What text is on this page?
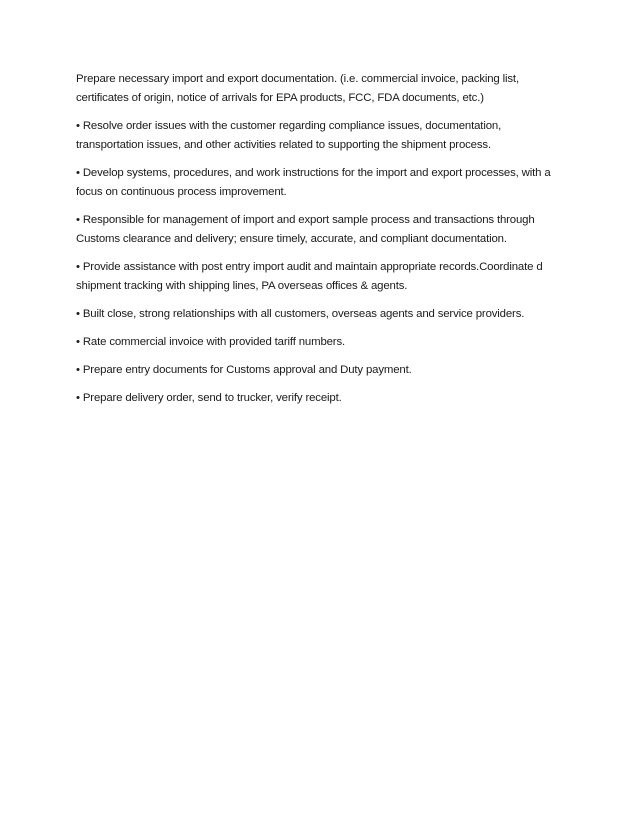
Prepare necessary import and export documentation. (i.e. commercial invoice, packing list, certificates of origin, notice of arrivals for EPA products, FCC, FDA documents, etc.)

• Resolve order issues with the customer regarding compliance issues, documentation, transportation issues, and other activities related to supporting the shipment process.

• Develop systems, procedures, and work instructions for the import and export processes, with a focus on continuous process improvement.

• Responsible for management of import and export sample process and transactions through Customs clearance and delivery; ensure timely, accurate, and compliant documentation.

• Provide assistance with post entry import audit and maintain appropriate records.Coordinate d shipment tracking with shipping lines, PA overseas offices & agents.

• Built close, strong relationships with all customers, overseas agents and service providers.

• Rate commercial invoice with provided tariff numbers.

• Prepare entry documents for Customs approval and Duty payment.

• Prepare delivery order, send to trucker, verify receipt.
